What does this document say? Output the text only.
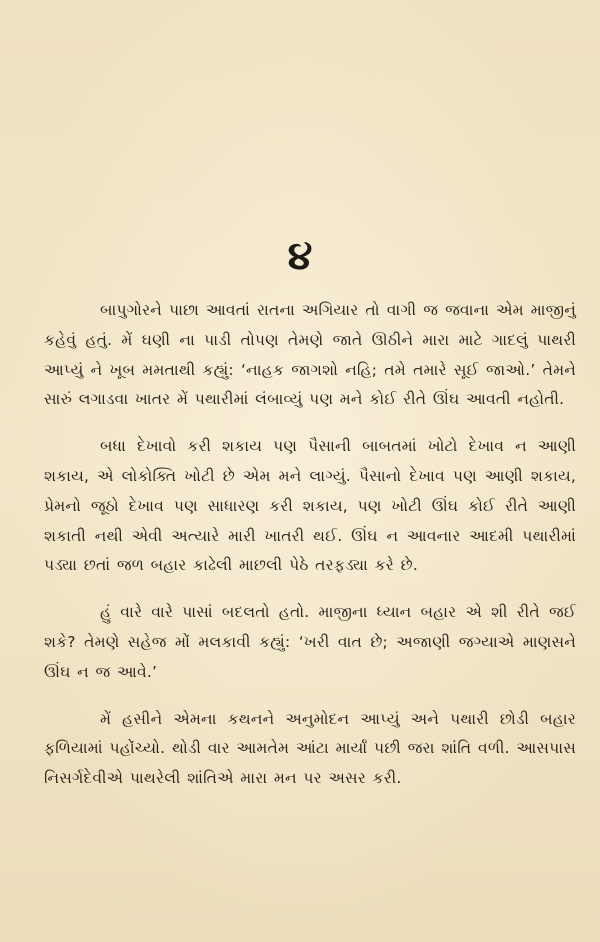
૪

બાપુગોરને પાછા આવતાં રાતના અગિયાર તો વાગી જ જવાના એમ માજીનું કહેવું હતું. મેં ઘણી ના પાડી તોપણ તેમણે જાતે ઊઠીને મારા માટે ગાદલું પાથરી આપ્યું ને ખૂબ મમતાથી કહ્યું: ‘નાહક જાગશો નહિ; તમે તમારે સૂઈ જાઓ.’ તેમને સારું લગાડવા ખાતર મેં પથારીમાં લંબાવ્યું પણ મને કોઈ રીતે ઊંઘ આવતી નહોતી.

બધા દેખાવો કરી શકાય પણ પૈસાની બાબતમાં ખોટો દેખાવ ન આણી શકાય, એ લોકોક્તિ ખોટી છે એમ મને લાગ્યું. પૈસાનો દેખાવ પણ આણી શકાય, પ્રેમનો જૂઠો દેખાવ પણ સાધારણ કરી શકાય, પણ ખોટી ઊંઘ કોઈ રીતે આણી શકાતી નથી એવી અત્યારે મારી ખાતરી થઈ. ઊંઘ ન આવનાર આદમી પથારીમાં પડ્યા છતાં જળ બહાર કાઢેલી માછલી પેઠે તરફડ્યા કરે છે.

હું વારે વારે પાસાં બદલતો હતો. માજીના ધ્યાન બહાર એ શી રીતે જઈ શકે? તેમણે સહેજ મોં મલકાવી કહ્યું: ‘ખરી વાત છે; અજાણી જગ્યાએ માણસને ઊંઘ ન જ આવે.’

મેં હસીને એમના કથનને અનુમોદન આપ્યું અને પથારી છોડી બહાર ફળિયામાં પહોંચ્યો. થોડી વાર આમતેમ આંટા માર્યાં પછી જરા શાંતિ વળી. આસપાસ નિસર્ગદેવીએ પાથરેલી શાંતિએ મારા મન પર અસર કરી.
